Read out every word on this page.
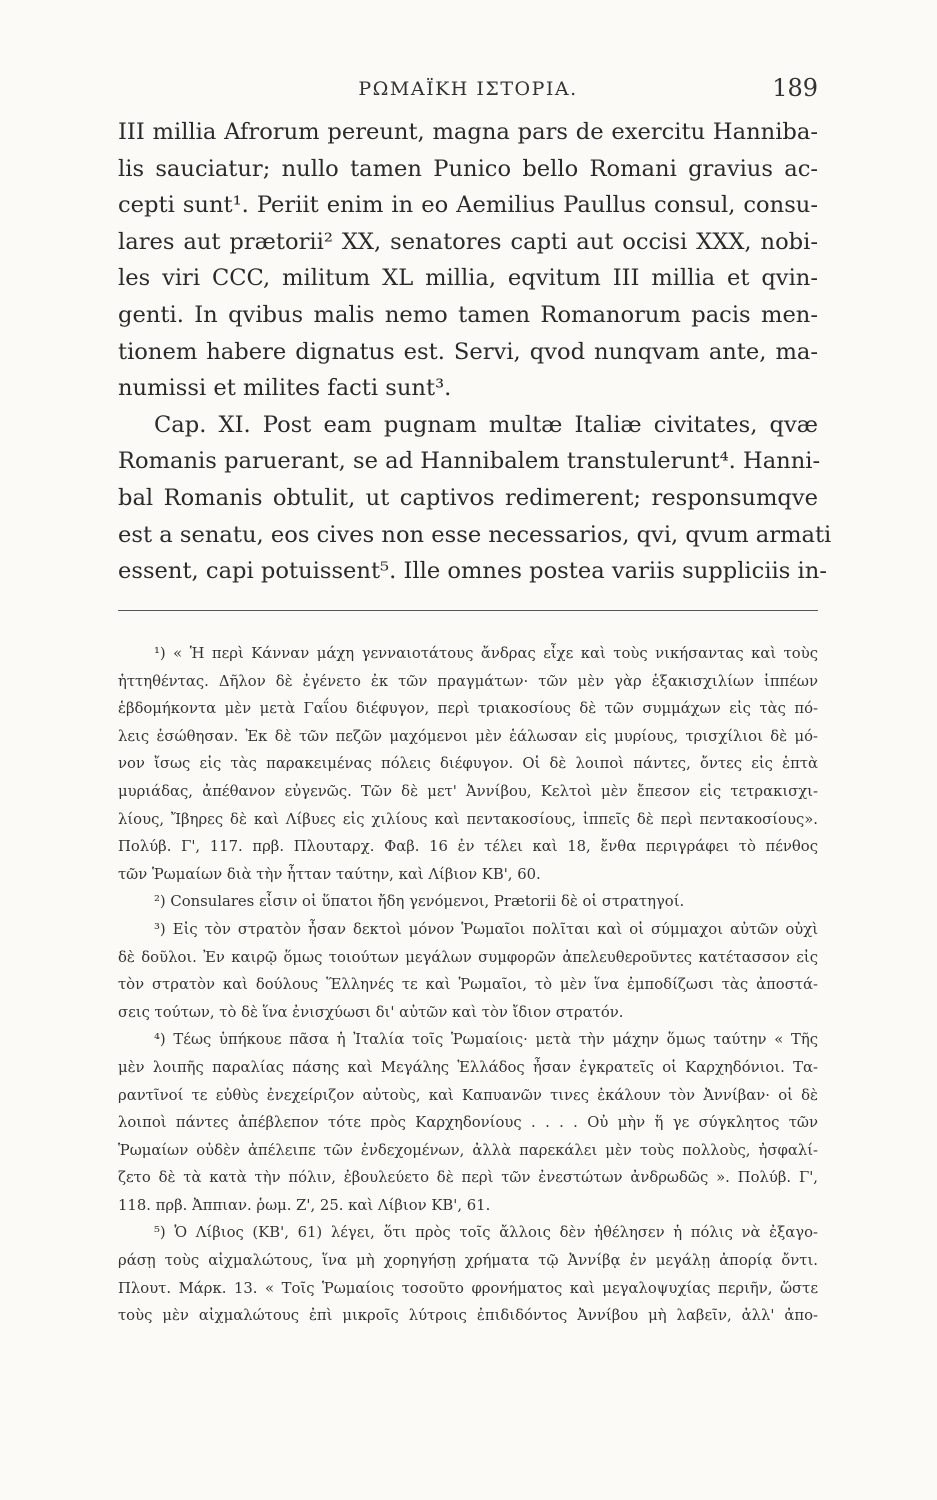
ΡΩΜΑΪΚΗ ΙΣΤΟΡΙΑ.	189

III millia Afrorum pereunt, magna pars de exercitu Hanniba-

lis sauciatur; nullo tamen Punico bello Romani gravius ac-

cepti sunt¹. Periit enim in eo Aemilius Paullus consul, consu-

lares aut prætorii² XX, senatores capti aut occisi XXX, nobi-

les viri CCC, militum XL millia, eqvitum III millia et qvin-

genti. In qvibus malis nemo tamen Romanorum pacis men-

tionem habere dignatus est. Servi, qvod nunqvam ante, ma-

numissi et milites facti sunt³.

Cap. XI. Post eam pugnam multæ Italiæ civitates, qvæ

Romanis paruerant, se ad Hannibalem transtulerunt⁴. Hanni-

bal Romanis obtulit, ut captivos redimerent; responsumqve

est a senatu, eos cives non esse necessarios, qvi, qvum armati

essent, capi potuissent⁵. Ille omnes postea variis suppliciis in-

¹) « Ἡ περὶ Κάνναν μάχη γενναιοτάτους ἄνδρας εἶχε καὶ τοὺς νικήσαντας καὶ τοὺς

ἡττηθέντας. Δῆλον δὲ ἐγένετο ἐκ τῶν πραγμάτων· τῶν μὲν γὰρ ἑξακισχιλίων ἱππέων

ἑβδομήκοντα μὲν μετὰ Γαΐου διέφυγον, περὶ τριακοσίους δὲ τῶν συμμάχων εἰς τὰς πό-

λεις ἐσώθησαν. Ἐκ δὲ τῶν πεζῶν μαχόμενοι μὲν ἑάλωσαν εἰς μυρίους, τρισχίλιοι δὲ μό-

νον ἴσως εἰς τὰς παρακειμένας πόλεις διέφυγον. Οἱ δὲ λοιποὶ πάντες, ὄντες εἰς ἑπτὰ

μυριάδας, ἀπέθανον εὐγενῶς. Τῶν δὲ μετ' Ἀννίβου, Κελτοὶ μὲν ἔπεσον εἰς τετρακισχι-

λίους, Ἴβηρες δὲ καὶ Λίβυες εἰς χιλίους καὶ πεντακοσίους, ἱππεῖς δὲ περὶ πεντακοσίους».

Πολύβ. Γ', 117. πρβ. Πλουταρχ. Φαβ. 16 ἐν τέλει καὶ 18, ἔνθα περιγράφει τὸ πένθος

τῶν Ῥωμαίων διὰ τὴν ἧτταν ταύτην, καὶ Λίβιον ΚΒ', 60.

²) Consulares εἶσιν οἱ ὕπατοι ἤδη γενόμενοι, Prætorii δὲ οἱ στρατηγοί.

³) Εἰς τὸν στρατὸν ἦσαν δεκτοὶ μόνον Ῥωμαῖοι πολῖται καὶ οἱ σύμμαχοι αὐτῶν οὐχὶ

δὲ δοῦλοι. Ἐν καιρῷ ὅμως τοιούτων μεγάλων συμφορῶν ἀπελευθεροῦντες κατέτασσον εἰς

τὸν στρατὸν καὶ δούλους Ἕλληνές τε καὶ Ῥωμαῖοι, τὸ μὲν ἵνα ἐμποδίζωσι τὰς ἀποστά-

σεις τούτων, τὸ δὲ ἵνα ἐνισχύωσι δι' αὐτῶν καὶ τὸν ἴδιον στρατόν.

⁴) Τέως ὑπήκουε πᾶσα ἡ Ἰταλία τοῖς Ῥωμαίοις· μετὰ τὴν μάχην ὅμως ταύτην « Τῆς

μὲν λοιπῆς παραλίας πάσης καὶ Μεγάλης Ἑλλάδος ἦσαν ἐγκρατεῖς οἱ Καρχηδόνιοι. Τα-

ραντῖνοί τε εὐθὺς ἐνεχείριζον αὐτοὺς, καὶ Καπυανῶν τινες ἐκάλουν τὸν Ἀννίβαν· οἱ δὲ

λοιποὶ πάντες ἀπέβλεπον τότε πρὸς Καρχηδονίους . . . . Οὐ μὴν ἥ γε σύγκλητος τῶν

Ῥωμαίων οὐδὲν ἀπέλειπε τῶν ἐνδεχομένων, ἀλλὰ παρεκάλει μὲν τοὺς πολλοὺς, ἠσφαλί-

ζετο δὲ τὰ κατὰ τὴν πόλιν, ἐβουλεύετο δὲ περὶ τῶν ἐνεστώτων ἀνδρωδῶς ». Πολύβ. Γ',

118. πρβ. Ἀππιαν. ῥωμ. Ζ', 25. καὶ Λίβιον ΚΒ', 61.

⁵) Ὁ Λίβιος (ΚΒ', 61) λέγει, ὅτι πρὸς τοῖς ἄλλοις δὲν ἠθέλησεν ἡ πόλις νὰ ἐξαγο-

ράσῃ τοὺς αἰχμαλώτους, ἵνα μὴ χορηγήσῃ χρήματα τῷ Ἀννίβᾳ ἐν μεγάλῃ ἀπορίᾳ ὄντι.

Πλουτ. Μάρκ. 13. « Τοῖς Ῥωμαίοις τοσοῦτο φρονήματος καὶ μεγαλοψυχίας περιῆν, ὥστε

τοὺς μὲν αἰχμαλώτους ἐπὶ μικροῖς λύτροις ἐπιδιδόντος Ἀννίβου μὴ λαβεῖν, ἀλλ' ἀπο-
